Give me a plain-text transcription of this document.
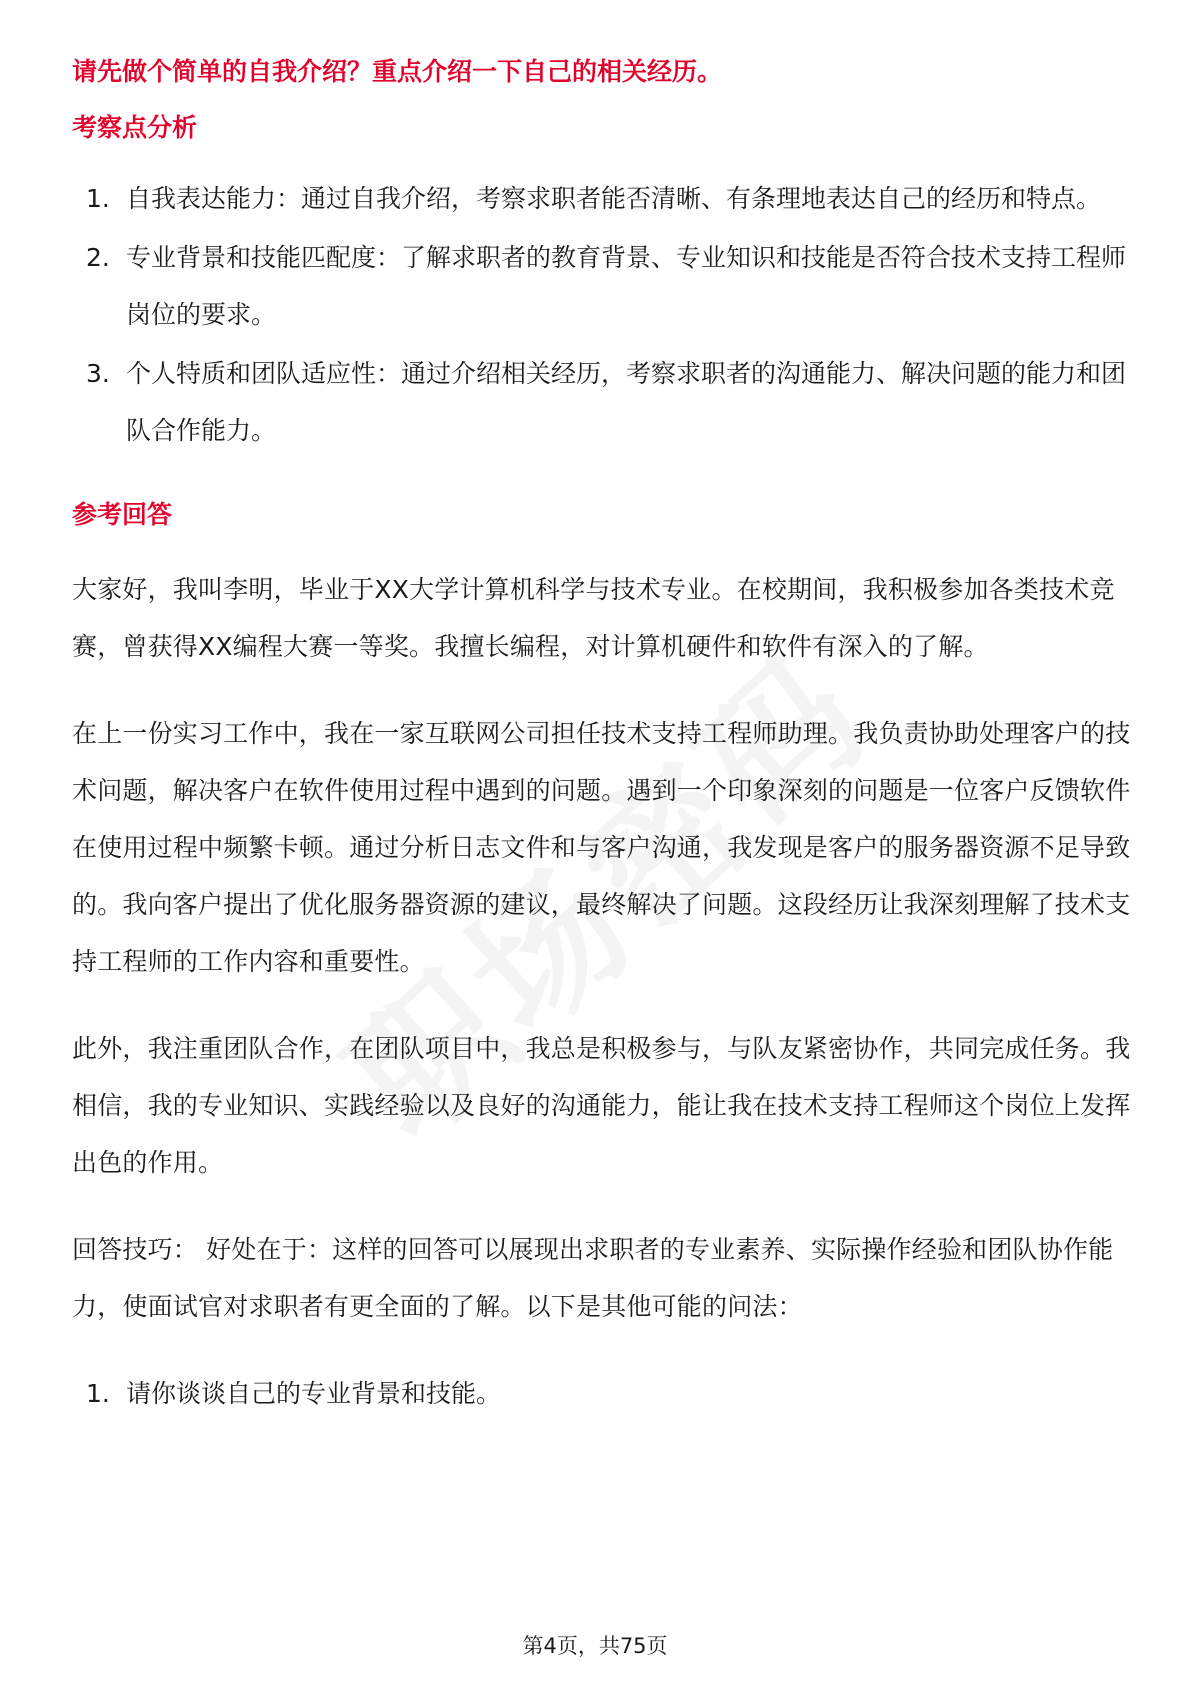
请先做个简单的自我介绍？重点介绍一下自己的相关经历。
考察点分析
1. 自我表达能力：通过自我介绍，考察求职者能否清晰、有条理地表达自己的经历和特点。
2. 专业背景和技能匹配度：了解求职者的教育背景、专业知识和技能是否符合技术支持工程师岗位的要求。
3. 个人特质和团队适应性：通过介绍相关经历，考察求职者的沟通能力、解决问题的能力和团队合作能力。
参考回答

大家好，我叫李明，毕业于XX大学计算机科学与技术专业。在校期间，我积极参加各类技术竞赛，曾获得XX编程大赛一等奖。我擅长编程，对计算机硬件和软件有深入的了解。

在上一份实习工作中，我在一家互联网公司担任技术支持工程师助理。我负责协助处理客户的技术问题，解决客户在软件使用过程中遇到的问题。遇到一个印象深刻的问题是一位客户反馈软件在使用过程中频繁卡顿。通过分析日志文件和与客户沟通，我发现是客户的服务器资源不足导致的。我向客户提出了优化服务器资源的建议，最终解决了问题。这段经历让我深刻理解了技术支持工程师的工作内容和重要性。

此外，我注重团队合作，在团队项目中，我总是积极参与，与队友紧密协作，共同完成任务。我相信，我的专业知识、实践经验以及良好的沟通能力，能让我在技术支持工程师这个岗位上发挥出色的作用。

回答技巧： 好处在于：这样的回答可以展现出求职者的专业素养、实际操作经验和团队协作能力，使面试官对求职者有更全面的了解。以下是其他可能的问法：

1. 请你谈谈自己的专业背景和技能。
第4页，共75页
